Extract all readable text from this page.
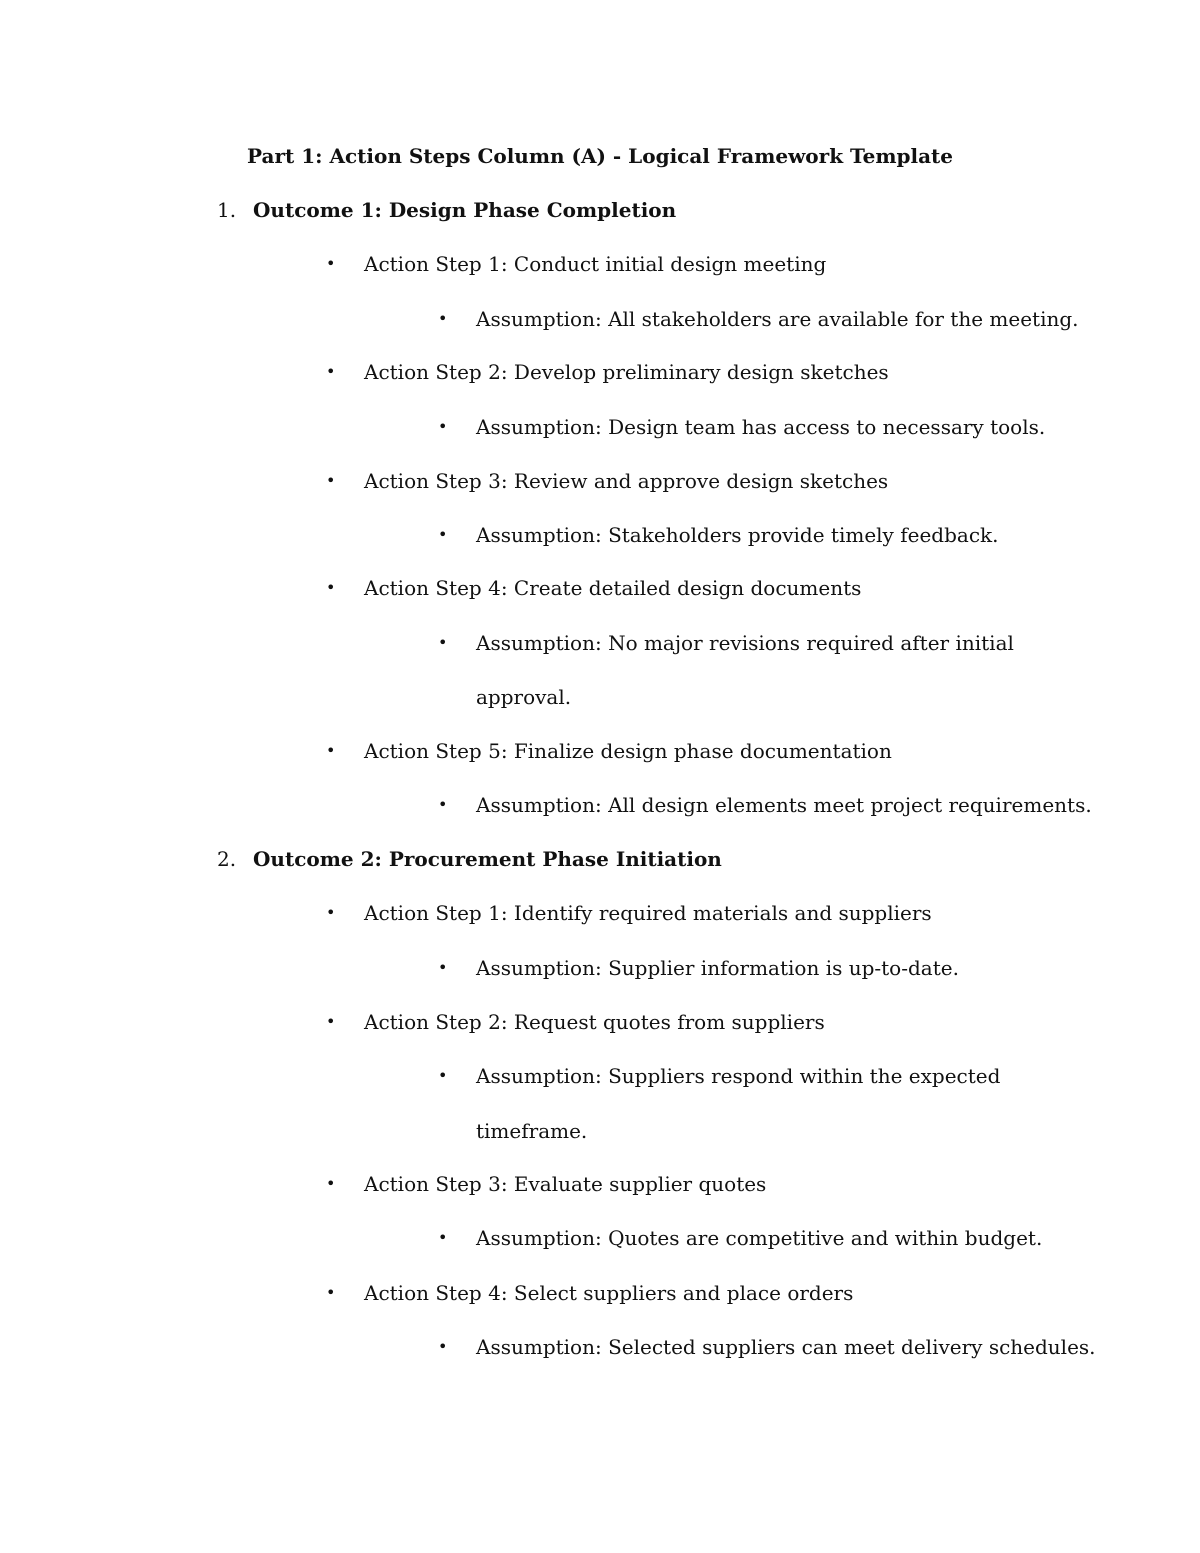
Part 1: Action Steps Column (A) - Logical Framework Template
1. Outcome 1: Design Phase Completion
• Action Step 1: Conduct initial design meeting
• Assumption: All stakeholders are available for the meeting.
• Action Step 2: Develop preliminary design sketches
• Assumption: Design team has access to necessary tools.
• Action Step 3: Review and approve design sketches
• Assumption: Stakeholders provide timely feedback.
• Action Step 4: Create detailed design documents
• Assumption: No major revisions required after initial
approval.
• Action Step 5: Finalize design phase documentation
• Assumption: All design elements meet project requirements.
2. Outcome 2: Procurement Phase Initiation
• Action Step 1: Identify required materials and suppliers
• Assumption: Supplier information is up-to-date.
• Action Step 2: Request quotes from suppliers
• Assumption: Suppliers respond within the expected
timeframe.
• Action Step 3: Evaluate supplier quotes
• Assumption: Quotes are competitive and within budget.
• Action Step 4: Select suppliers and place orders
• Assumption: Selected suppliers can meet delivery schedules.
